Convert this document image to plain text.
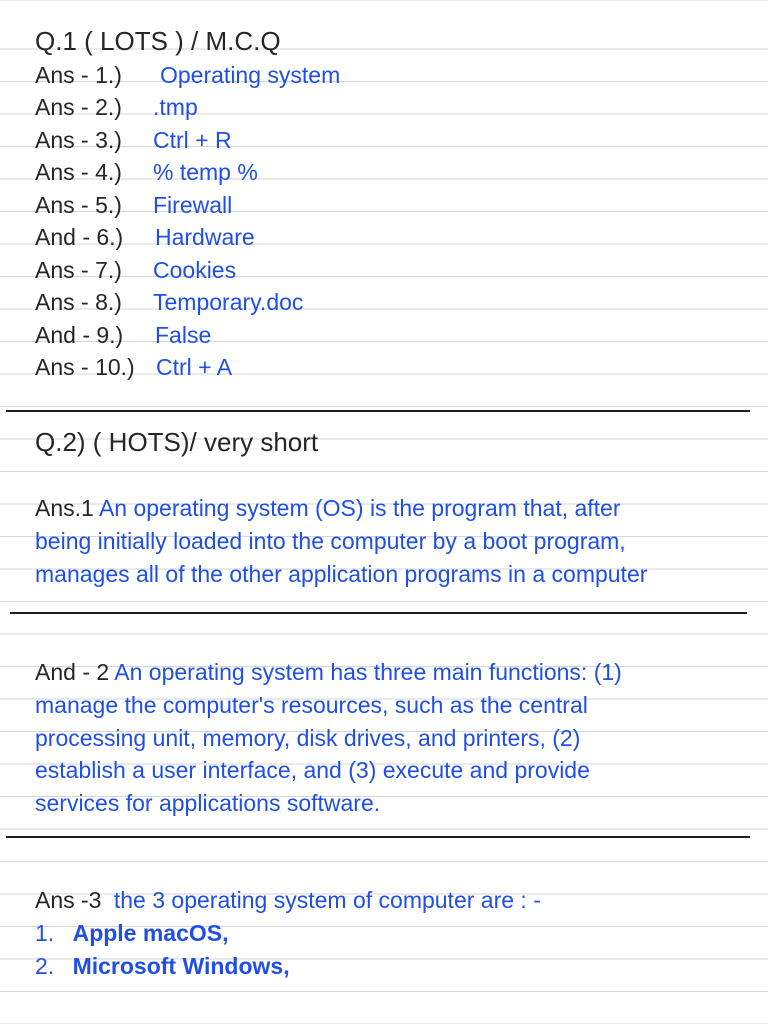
Q.1 ( LOTS ) / M.C.Q
Ans - 1.)
Ans - 2.)
Ans - 3.)
Ans - 4.)
Ans - 5.)
And - 6.)
Ans - 7.)
Ans - 8.)
And - 9.)
Ans - 10.)
Operating system
.tmp
Ctrl + R
% temp %
Firewall
Hardware
Cookies
Temporary.doc
False
Ctrl + A
Q.2) ( HOTS)/ very short
Ans.1 An operating system (OS) is the program that, after
being initially loaded into the computer by a boot program,
manages all of the other application programs in a computer
And - 2 An operating system has three main functions: (1)
manage the computer's resources, such as the central
processing unit, memory, disk drives, and printers, (2)
establish a user interface, and (3) execute and provide
services for applications software.
Ans -3 the 3 operating system of computer are : -
1. Apple macOS,
2. Microsoft Windows,
